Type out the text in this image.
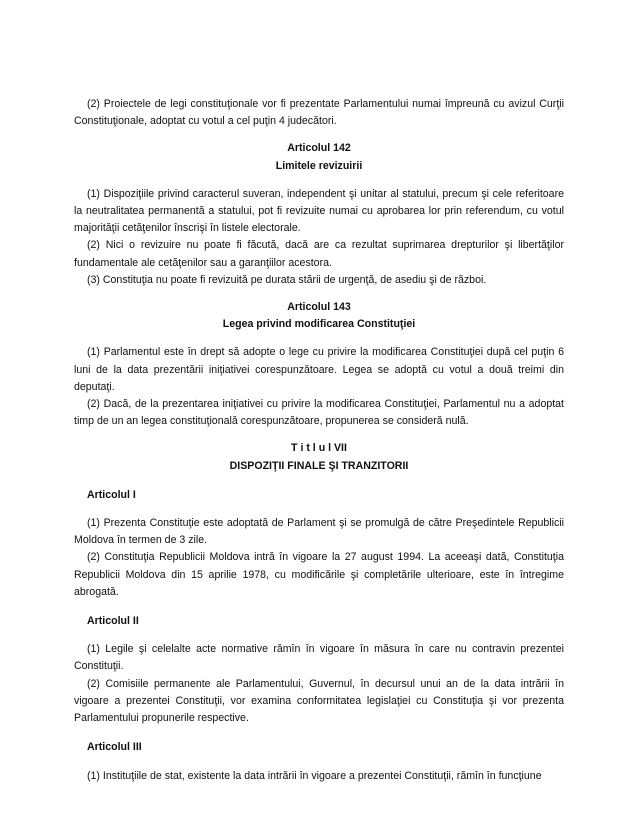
(2) Proiectele de legi constituţionale vor fi prezentate Parlamentului numai împreună cu avizul Curţii Constituţionale, adoptat cu votul a cel puţin 4 judecători.

Articolul 142

Limitele revizuirii

(1) Dispoziţiile privind caracterul suveran, independent şi unitar al statului, precum şi cele referitoare la neutralitatea permanentă a statului, pot fi revizuite numai cu aprobarea lor prin referendum, cu votul majorităţii cetăţenilor înscrişi în listele electorale.

(2) Nici o revizuire nu poate fi făcută, dacă are ca rezultat suprimarea drepturilor şi libertăţilor fundamentale ale cetăţenilor sau a garanţiilor acestora.

(3) Constituţia nu poate fi revizuită pe durata stării de urgenţă, de asediu şi de război.

Articolul 143

Legea privind modificarea Constituţiei

(1) Parlamentul este în drept să adopte o lege cu privire la modificarea Constituţiei după cel puţin 6 luni de la data prezentării iniţiativei corespunzătoare. Legea se adoptă cu votul a două treimi din deputaţi.

(2) Dacă, de la prezentarea iniţiativei cu privire la modificarea Constituţiei, Parlamentul nu a adoptat timp de un an legea constituţională corespunzătoare, propunerea se consideră nulă.

T i t l u l VII

DISPOZIŢII FINALE ŞI TRANZITORII

Articolul I

(1) Prezenta Constituţie este adoptată de Parlament şi se promulgă de către Preşedintele Republicii Moldova în termen de 3 zile.

(2) Constituţia Republicii Moldova intră în vigoare la 27 august 1994. La aceeaşi dată, Constituţia Republicii Moldova din 15 aprilie 1978, cu modificările şi completările ulterioare, este în întregime abrogată.

Articolul II

(1) Legile şi celelalte acte normative rămîn în vigoare în măsura în care nu contravin prezentei Constituţii.

(2) Comisiile permanente ale Parlamentului, Guvernul, în decursul unui an de la data intrării în vigoare a prezentei Constituţii, vor examina conformitatea legislaţiei cu Constituţia şi vor prezenta Parlamentului propunerile respective.

Articolul III

(1) Instituţiile de stat, existente la data intrării în vigoare a prezentei Constituţii, rămîn în funcţiune
